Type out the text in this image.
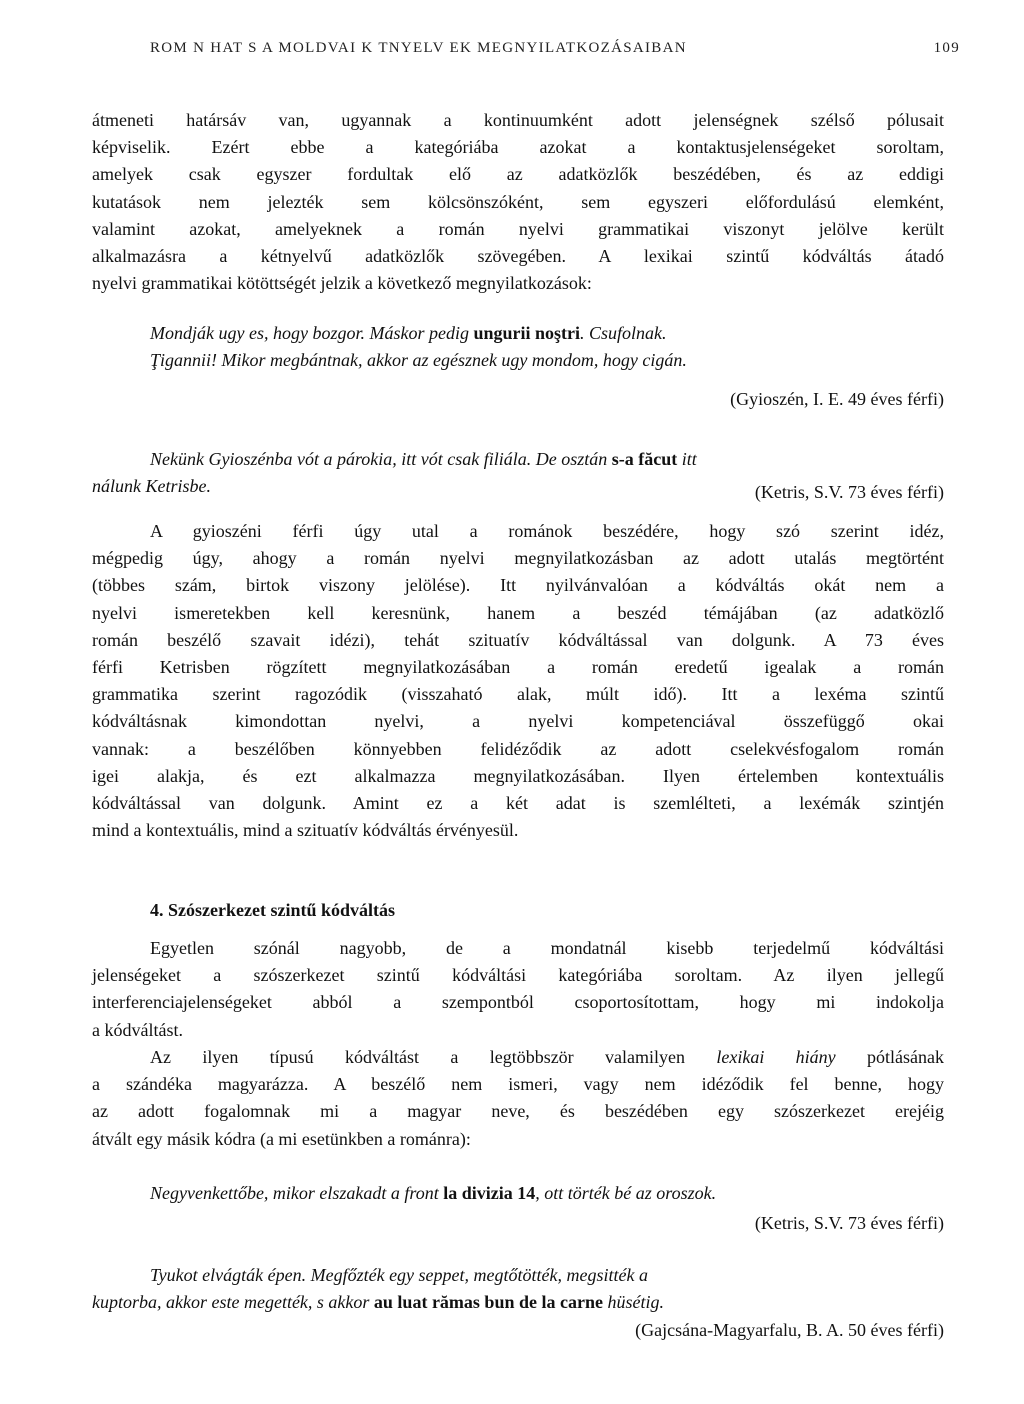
ROM N HAT S A MOLDVAI K TNYELV EK MEGNYILATKOZÁSAIBAN	109
átmeneti határsáv van, ugyannak a kontinuumként adott jelenségnek szélső pólusait
képviselik. Ezért ebbe a kategóriába azokat a kontaktusjelenségeket soroltam,
amelyek csak egyszer fordultak elő az adatközlők beszédében, és az eddigi
kutatások nem jelezték sem kölcsönszóként, sem egyszeri előfordulású elemként,
valamint azokat, amelyeknek a román nyelvi grammatikai viszonyt jelölve került
alkalmazásra a kétnyelvű adatközlők szövegében. A lexikai szintű kódváltás átadó
nyelvi grammatikai kötöttségét jelzik a következő megnyilatkozások:
Mondják ugy es, hogy bozgor. Máskor pedig ungurii noştri. Csufolnak.
Ţigannii! Mikor megbántnak, akkor az egésznek ugy mondom, hogy cigán.
(Gyioszén, I. E. 49 éves férfi)
Nekünk Gyioszénba vót a párokia, itt vót csak filiála. De osztán s-a făcut itt
nálunk Ketrisbe.	(Ketris, S.V. 73 éves férfi)
A gyioszéni férfi úgy utal a románok beszédére, hogy szó szerint idéz,
mégpedig úgy, ahogy a román nyelvi megnyilatkozásban az adott utalás megtörtént
(többes szám, birtok viszony jelölése). Itt nyilvánvalóan a kódváltás okát nem a
nyelvi ismeretekben kell keresnünk, hanem a beszéd témájában (az adatközlő
román beszélő szavait idézi), tehát szituatív kódváltással van dolgunk. A 73 éves
férfi Ketrisben rögzített megnyilatkozásában a román eredetű igealak a román
grammatika szerint ragozódik (visszaható alak, múlt idő). Itt a lexéma szintű
kódváltásnak kimondottan nyelvi, a nyelvi kompetenciával összefüggő okai
vannak: a beszélőben könnyebben felidéződik az adott cselekvésfogalom román
igei alakja, és ezt alkalmazza megnyilatkozásában. Ilyen értelemben kontextuális
kódváltással van dolgunk. Amint ez a két adat is szemlélteti, a lexémák szintjén
mind a kontextuális, mind a szituatív kódváltás érvényesül.
4. Szószerkezet szintű kódváltás
Egyetlen szónál nagyobb, de a mondatnál kisebb terjedelmű kódváltási
jelenségeket a szószerkezet szintű kódváltási kategóriába soroltam. Az ilyen jellegű
interferenciajelenségeket abból a szempontból csoportosítottam, hogy mi indokolja
a kódváltást.
Az ilyen típusú kódváltást a legtöbbször valamilyen lexikai hiány pótlásának
a szándéka magyarázza. A beszélő nem ismeri, vagy nem idéződik fel benne, hogy
az adott fogalomnak mi a magyar neve, és beszédében egy szószerkezet erejéig
átvált egy másik kódra (a mi esetünkben a románra):
Negyvenkettőbe, mikor elszakadt a front la divizia 14, ott törték bé az oroszok.
(Ketris, S.V. 73 éves férfi)
Tyukot elvágták épen. Megfőzték egy seppet, megtőtötték, megsitték a
kuptorba, akkor este megették, s akkor au luat rămas bun de la carne hüsétig.
(Gajcsána-Magyarfalu, B. A. 50 éves férfi)
